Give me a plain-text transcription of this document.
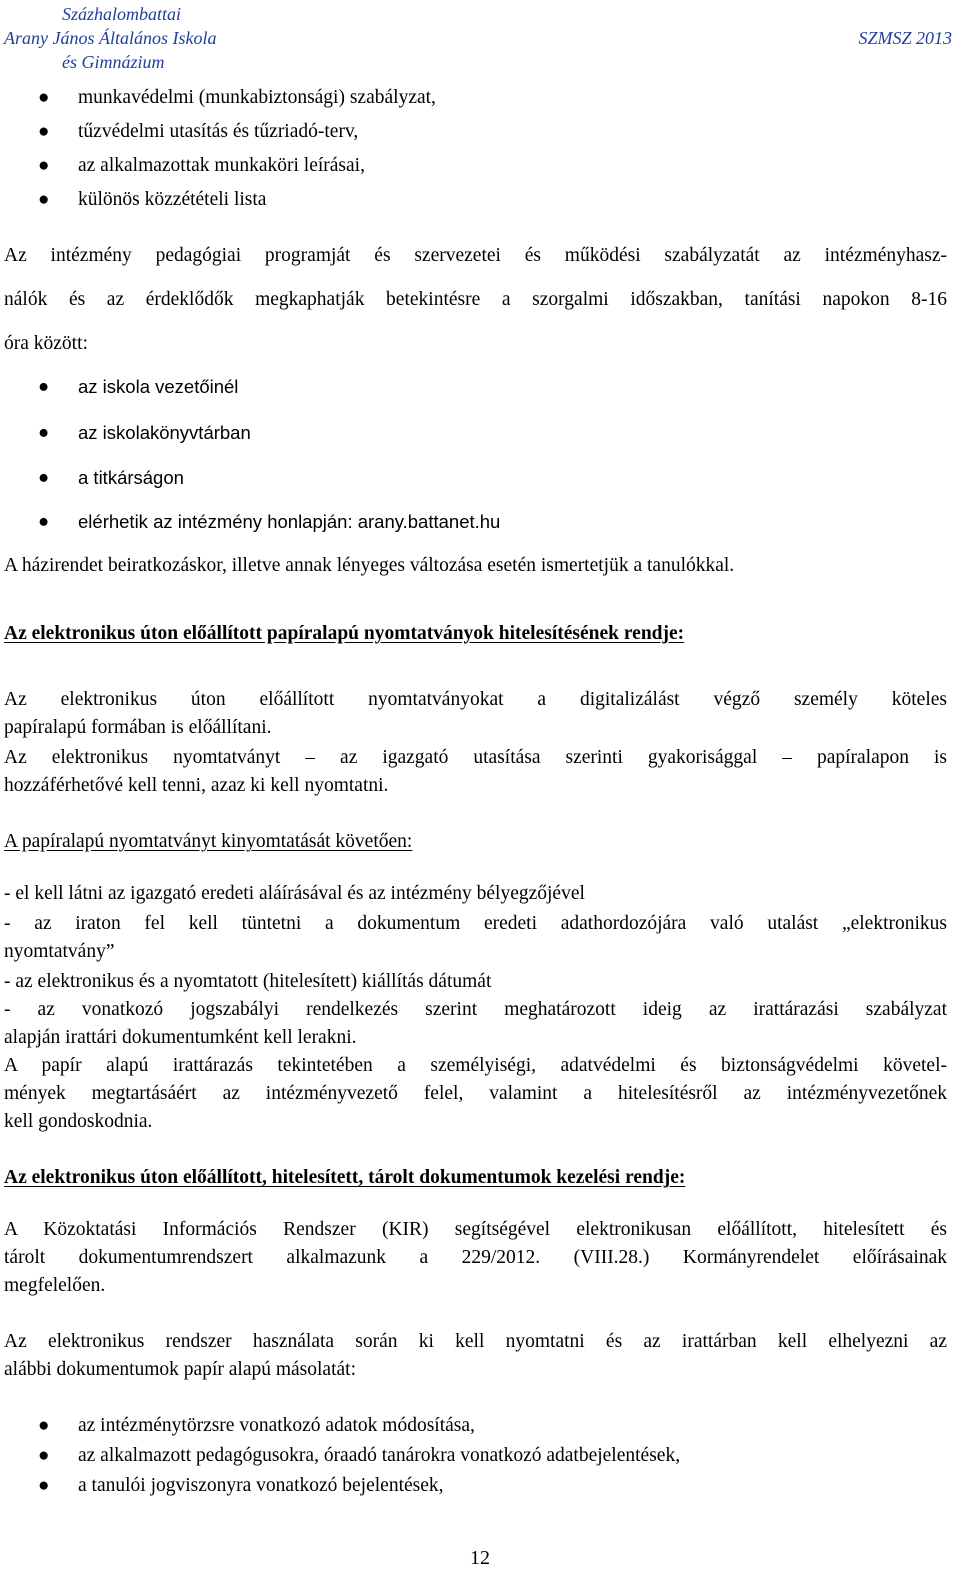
Százhalombattai
Arany János Általános Iskola
és Gimnázium
SZMSZ 2013
● munkavédelmi (munkabiztonsági) szabályzat,
● tűzvédelmi utasítás és tűzriadó-terv,
● az alkalmazottak munkaköri leírásai,
● különös közzétételi lista
Az intézmény pedagógiai programját és szervezetei és működési szabályzatát az intézményhasz-
nálók és az érdeklődők megkaphatják betekintésre a szorgalmi időszakban, tanítási napokon 8-16
óra között:
● az iskola vezetőinél
● az iskolakönyvtárban
● a titkárságon
● elérhetik az intézmény honlapján: arany.battanet.hu
A házirendet beiratkozáskor, illetve annak lényeges változása esetén ismertetjük a tanulókkal.
Az elektronikus úton előállított papíralapú nyomtatványok hitelesítésének rendje:
Az elektronikus úton előállított nyomtatványokat a digitalizálást végző személy köteles
papíralapú formában is előállítani.
Az elektronikus nyomtatványt – az igazgató utasítása szerinti gyakorisággal – papíralapon is
hozzáférhetővé kell tenni, azaz ki kell nyomtatni.
A papíralapú nyomtatványt kinyomtatását követően:
- el kell látni az igazgató eredeti aláírásával és az intézmény bélyegzőjével
- az iraton fel kell tüntetni a dokumentum eredeti adathordozójára való utalást „elektronikus
nyomtatvány”
- az elektronikus és a nyomtatott (hitelesített) kiállítás dátumát
- az vonatkozó jogszabályi rendelkezés szerint meghatározott ideig az irattárazási szabályzat
alapján irattári dokumentumként kell lerakni.
A papír alapú irattárazás tekintetében a személyiségi, adatvédelmi és biztonságvédelmi követel-
mények megtartásáért az intézményvezető felel, valamint a hitelesítésről az intézményvezetőnek
kell gondoskodnia.
Az elektronikus úton előállított, hitelesített, tárolt dokumentumok kezelési rendje:
A Közoktatási Információs Rendszer (KIR) segítségével elektronikusan előállított, hitelesített és
tárolt dokumentumrendszert alkalmazunk a 229/2012. (VIII.28.) Kormányrendelet előírásainak
megfelelően.
Az elektronikus rendszer használata során ki kell nyomtatni és az irattárban kell elhelyezni az
alábbi dokumentumok papír alapú másolatát:
● az intézménytörzsre vonatkozó adatok módosítása,
● az alkalmazott pedagógusokra, óraadó tanárokra vonatkozó adatbejelentések,
● a tanulói jogviszonyra vonatkozó bejelentések,
12
